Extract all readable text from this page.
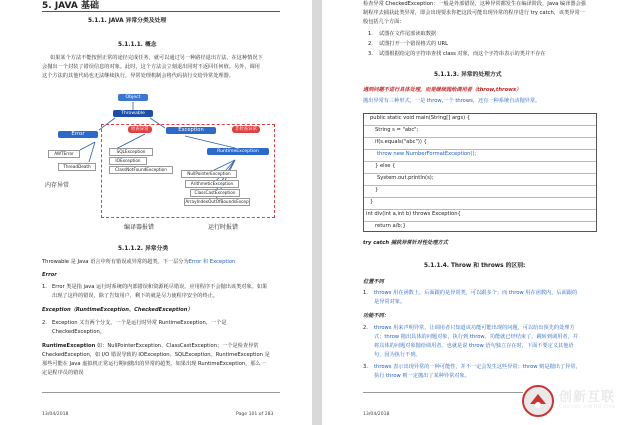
5. JAVA 基础
5.1.1. JAVA 异常分类及处理
5.1.1.1. 概念
如果某个方法不能按照正常的途径完成任务，就可以通过另一种路径退出方法，在这种情况下
会抛出一个封装了错误信息的对象。此时，这个方法会立刻退出同时不返回任何值。另外，调用
这个方法的其他代码也无法继续执行，异常处理机制会将代码执行交给异常处理器。
Object
Throwable
Error
检查异常	非检查异常
Exception
AWTError
ThreadDeath
SQLException
IOException
ClassNotFoundException
RuntimeException
NullPointerException
ArithmeticException
ClassCastException
ArrayIndexOutOfBoundsExcep
内存异常
编译器报错	运行时报错
5.1.1.2. 异常分类
Throwable 是 Java 语言中所有错误或异常的超类。下一层分为Error 和 Exception
Error
1. Error 类是指 java 运行时系统的内部错误和资源耗尽错误。应用程序不会抛出该类对象。如果
出现了这样的错误，除了告知用户，剩下的就是尽力使程序安全的终止。
Exception（RuntimeException、CheckedException）
2. Exception 又有两个分支，一个是运行时异常 RuntimeException，一个是
CheckedException。
RuntimeException 如：NullPointerException、ClassCastException；一个是检查异常
CheckedException，如 I/O 错误导致的 IOException、SQLException。RuntimeException 是
那些可能在 Java 虚拟机正常运行期间抛出的异常的超类。如果出现 RuntimeException，那么一
定是程序员的错误
13/04/2018	Page 101 of 283
检查异常 CheckedException：一般是外部错误，这种异常都发生在编译阶段，Java 编译器会强
制程序去捕获此类异常，即会出现要求你把这段可能出现异常的程序进行 try catch，该类异常一
般包括几个方面：
1. 试图在文件尾部读取数据
2. 试图打开一个错误格式的 URL
3. 试图根据给定的字符串查找 class 对象，而这个字符串表示的类并不存在
5.1.1.3. 异常的处理方式
遇到问题不进行具体处理，而是继续抛给调用者（throw,throws）
抛出异常有三种形式，一是 throw,一个 throws，还有一种系统自动抛异常。
public static void main(String[] args) {
String s = "abc";
if(s.equals("abc")) {
throw new NumberFormatException();
} else {
System.out.println(s);
}
}
int div(int a,int b) throws Exception{
return a/b;}
try catch 捕获异常针对性处理方式
5.1.1.4. Throw 和 throws 的区别:
位置不同
1. throws 用在函数上，后面跟的是异常类，可以跟多个；而 throw 用在函数内，后面跟的
是异常对象。
功能不同：
2. throws 用来声明异常，让调用者只知道该功能可能出现的问题，可以给出预先的处理方
式；throw 抛出具体的问题对象，执行到 throw，功能就已经结束了，跳转到调用者，并
将具体的问题对象抛给调用者。也就是说 throw 语句独立存在时，下面不要定义其他语
句，因为执行不到。
3. throws 表示出现异常的一种可能性，并不一定会发生这些异常；throw 则是抛出了异常，
执行 throw 则一定抛出了某种异常对象。
13/04/2018
创新互联
CHUANG XIN HU LIAN
